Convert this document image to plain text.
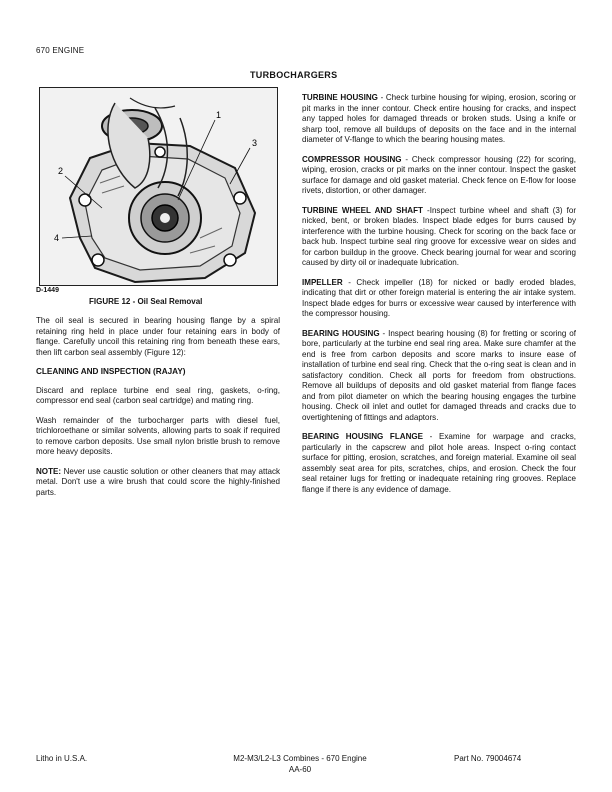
670 ENGINE
TURBOCHARGERS
1
2
3
4
D-1449
FIGURE 12 - Oil Seal Removal

The oil seal is secured in bearing housing flange by a spiral retaining ring held in place under four retaining ears in body of flange. Carefully uncoil this retaining ring from beneath these ears, then lift carbon seal assembly (Figure 12):

CLEANING AND INSPECTION (RAJAY)

Discard and replace turbine end seal ring, gaskets, o-ring, compressor end seal (carbon seal cartridge) and mating ring.

Wash remainder of the turbocharger parts with diesel fuel, trichloroethane or similar solvents, allowing parts to soak if required to remove carbon deposits. Use small nylon bristle brush to remove more heavy deposits.

NOTE: Never use caustic solution or other cleaners that may attack metal. Don't use a wire brush that could score the highly-finished parts.

TURBINE HOUSING - Check turbine housing for wiping, erosion, scoring or pit marks in the inner contour. Check entire housing for cracks, and inspect any tapped holes for damaged threads or broken studs. Using a knife or sharp tool, remove all buildups of deposits on the face and in the internal diameter of V-flange to which the bearing housing mates.

COMPRESSOR HOUSING - Check compressor housing (22) for scoring, wiping, erosion, cracks or pit marks on the inner contour. Inspect the gasket surface for damage and old gasket material. Check fence on E-flow for loose rivets, distortion, or other damager.

TURBINE WHEEL AND SHAFT -Inspect turbine wheel and shaft (3) for nicked, bent, or broken blades. Inspect blade edges for burrs caused by interference with the turbine housing. Check for scoring on the back face or back hub. Inspect turbine seal ring groove for excessive wear on sides and for carbon buildup in the groove. Check bearing journal for wear and scoring caused by dirty oil or inadequate lubrication.

IMPELLER - Check impeller (18) for nicked or badly eroded blades, indicating that dirt or other foreign material is entering the air intake system. Inspect blade edges for burrs or excessive wear caused by interference with the compressor housing.

BEARING HOUSING - Inspect bearing housing (8) for fretting or scoring of bore, particularly at the turbine end seal ring area. Make sure chamfer at the end is free from carbon deposits and score marks to insure ease of installation of turbine end seal ring. Check that the o-ring seat is clean and in satisfactory condition. Check all ports for freedom from obstructions. Remove all buildups of deposits and old gasket material from flange faces and from pilot diameter on which the bearing housing engages the turbine housing. Check oil inlet and outlet for damaged threads and cracks due to overtightening of fittings and adaptors.

BEARING HOUSING FLANGE - Examine for warpage and cracks, particularly in the capscrew and pilot hole areas. Inspect o-ring contact surface for pitting, erosion, scratches, and foreign material. Examine oil seal assembly seat area for pits, scratches, chips, and erosion. Check the four seal retainer lugs for fretting or inadequate retaining ring grooves. Replace flange if there is any evidence of damage.

Litho in U.S.A.	M2-M3/L2-L3 Combines - 670 Engine
AA-60
Part No. 79004674
